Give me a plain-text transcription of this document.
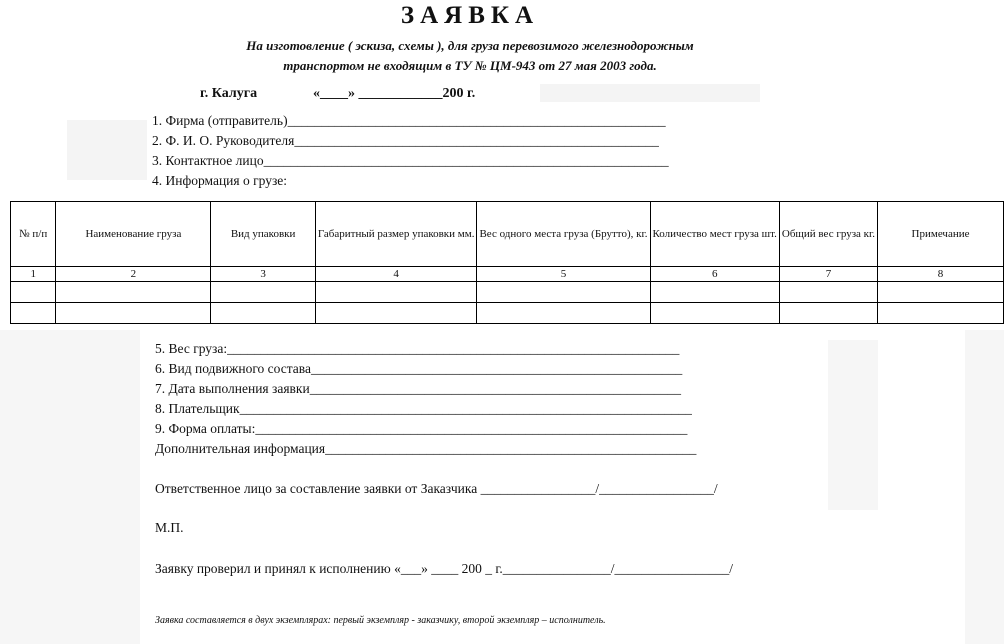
ЗАЯВКА
На изготовление ( эскиза, схемы ), для груза перевозимого железнодорожным
транспортом не входящим в ТУ № ЦМ-943 от 27 мая 2003 года.
г. Калуга	«____» ____________200 г.
1. Фирма (отправитель)________________________________________________________
2. Ф. И. О. Руководителя______________________________________________________
3. Контактное лицо____________________________________________________________
4. Информация о грузе:
№ п/п	Наименование груза	Вид упаковки	Габаритный размер упаковки мм.	Вес одного места груза (Брутто), кг.	Количество мест груза шт.	Общий вес груза кг.	Примечание
1	2	3	4	5	6	7	8

5. Вес груза:___________________________________________________________________
6. Вид подвижного состава_______________________________________________________
7. Дата выполнения заявки_______________________________________________________
8. Плательщик___________________________________________________________________
9. Форма оплаты:________________________________________________________________
Дополнительная информация_______________________________________________________
Ответственное лицо за составление заявки от Заказчика _________________/_________________/
М.П.
Заявку проверил и принял к исполнению «___» ____ 200 _ г.________________/_________________/
Заявка составляется в двух экземплярах: первый экземпляр - заказчику, второй экземпляр – исполнитель.
